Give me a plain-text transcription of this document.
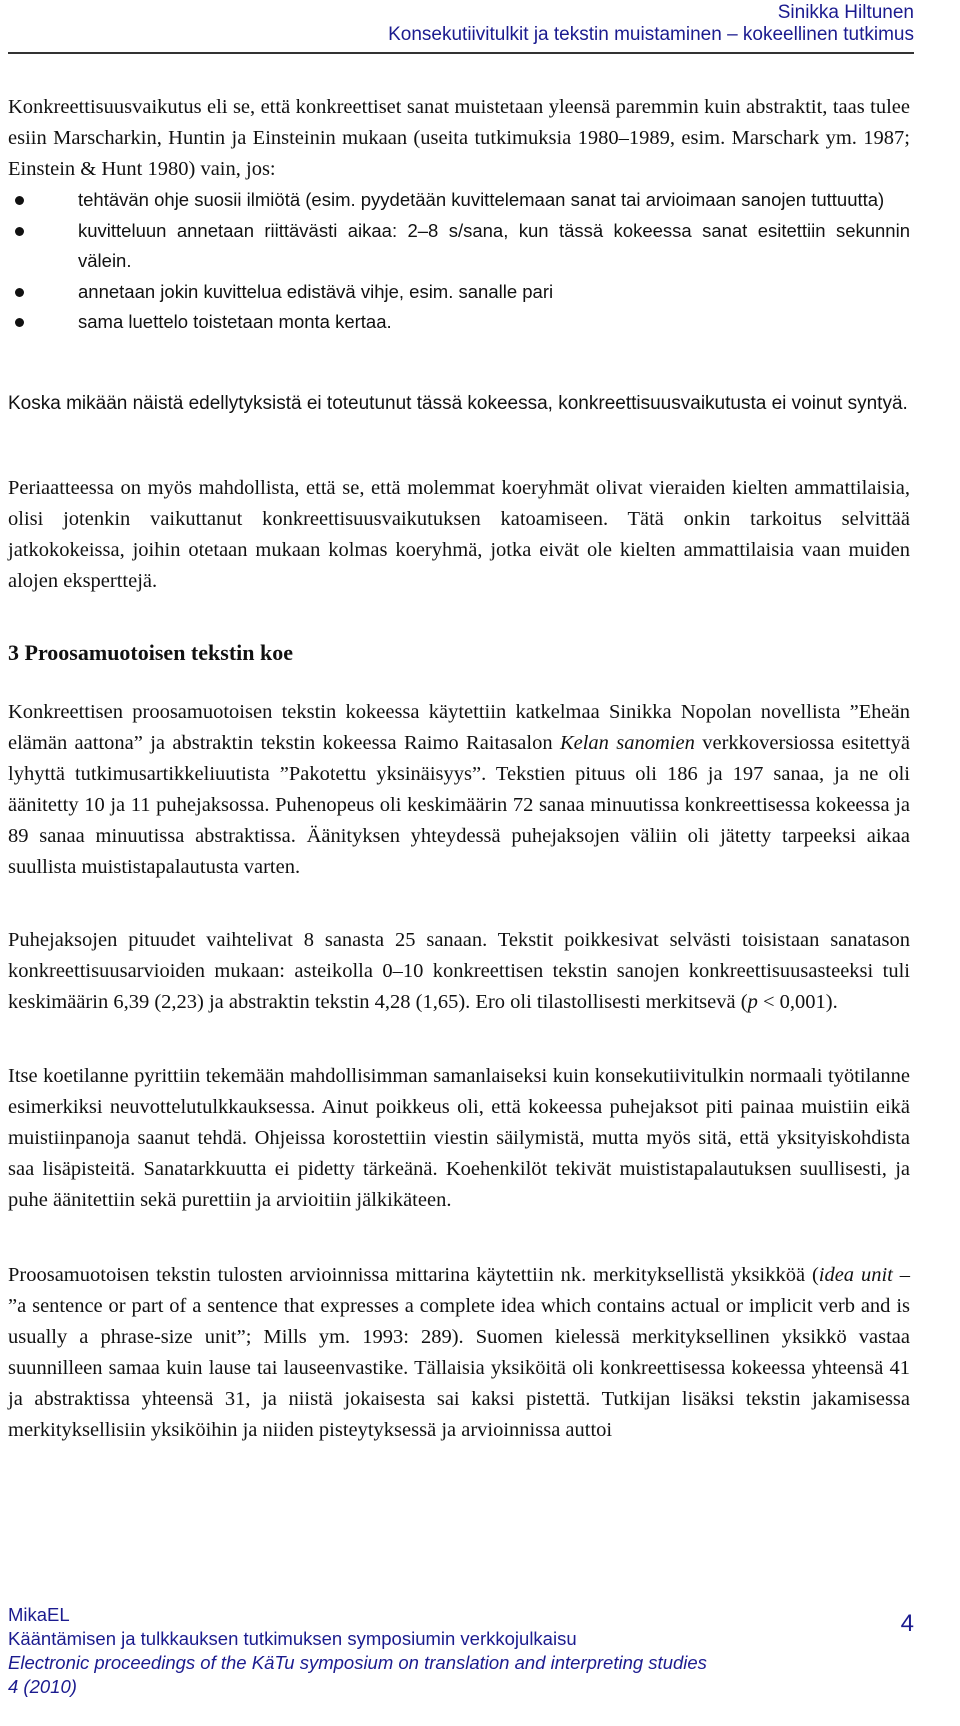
Sinikka Hiltunen
Konsekutiivitulkit ja tekstin muistaminen – kokeellinen tutkimus

Konkreettisuusvaikutus eli se, että konkreettiset sanat muistetaan yleensä paremmin kuin abstraktit, taas tulee esiin Marscharkin, Huntin ja Einsteinin mukaan (useita tutkimuksia 1980–1989, esim. Marschark ym. 1987; Einstein & Hunt 1980) vain, jos:

tehtävän ohje suosii ilmiötä (esim. pyydetään kuvittelemaan sanat tai arvioimaan sanojen tuttuutta)
kuvitteluun annetaan riittävästi aikaa: 2–8 s/sana, kun tässä kokeessa sanat esitettiin sekunnin välein.
annetaan jokin kuvittelua edistävä vihje, esim. sanalle pari
sama luettelo toistetaan monta kertaa.

Koska mikään näistä edellytyksistä ei toteutunut tässä kokeessa, konkreettisuusvaikutusta ei voinut syntyä.

Periaatteessa on myös mahdollista, että se, että molemmat koeryhmät olivat vieraiden kielten ammattilaisia, olisi jotenkin vaikuttanut konkreettisuusvaikutuksen katoamiseen. Tätä onkin tarkoitus selvittää jatkokokeissa, joihin otetaan mukaan kolmas koeryhmä, jotka eivät ole kielten ammattilaisia vaan muiden alojen eksperttejä.

3 Proosamuotoisen tekstin koe

Konkreettisen proosamuotoisen tekstin kokeessa käytettiin katkelmaa Sinikka Nopolan novellista ”Eheän elämän aattona” ja abstraktin tekstin kokeessa Raimo Raitasalon Kelan sanomien verkkoversiossa esitettyä lyhyttä tutkimusartikkeliuutista ”Pakotettu yksinäisyys”. Tekstien pituus oli 186 ja 197 sanaa, ja ne oli äänitetty 10 ja 11 puhejaksossa. Puhenopeus oli keskimäärin 72 sanaa minuutissa konkreettisessa kokeessa ja 89 sanaa minuutissa abstraktissa. Äänityksen yhteydessä puhejaksojen väliin oli jätetty tarpeeksi aikaa suullista muististapalautusta varten.

Puhejaksojen pituudet vaihtelivat 8 sanasta 25 sanaan. Tekstit poikkesivat selvästi toisistaan sanatason konkreettisuusarvioiden mukaan: asteikolla 0–10 konkreettisen tekstin sanojen konkreettisuusasteeksi tuli keskimäärin 6,39 (2,23) ja abstraktin tekstin 4,28 (1,65). Ero oli tilastollisesti merkitsevä (p < 0,001).

Itse koetilanne pyrittiin tekemään mahdollisimman samanlaiseksi kuin konsekutiivitulkin normaali työtilanne esimerkiksi neuvottelutulkkauksessa. Ainut poikkeus oli, että kokeessa puhejaksot piti painaa muistiin eikä muistiinpanoja saanut tehdä. Ohjeissa korostettiin viestin säilymistä, mutta myös sitä, että yksityiskohdista saa lisäpisteitä. Sanatarkkuutta ei pidetty tärkeänä. Koehenkilöt tekivät muististapalautuksen suullisesti, ja puhe äänitettiin sekä purettiin ja arvioitiin jälkikäteen.

Proosamuotoisen tekstin tulosten arvioinnissa mittarina käytettiin nk. merkityksellistä yksikköä (idea unit – ”a sentence or part of a sentence that expresses a complete idea which contains actual or implicit verb and is usually a phrase-size unit”; Mills ym. 1993: 289). Suomen kielessä merkityksellinen yksikkö vastaa suunnilleen samaa kuin lause tai lauseenvastike. Tällaisia yksiköitä oli konkreettisessa kokeessa yhteensä 41 ja abstraktissa yhteensä 31, ja niistä jokaisesta sai kaksi pistettä. Tutkijan lisäksi tekstin jakamisessa merkityksellisiin yksiköihin ja niiden pisteytyksessä ja arvioinnissa auttoi

MikaEL
Kääntämisen ja tulkkauksen tutkimuksen symposiumin verkkojulkaisu
Electronic proceedings of the KäTu symposium on translation and interpreting studies
4 (2010)
4
